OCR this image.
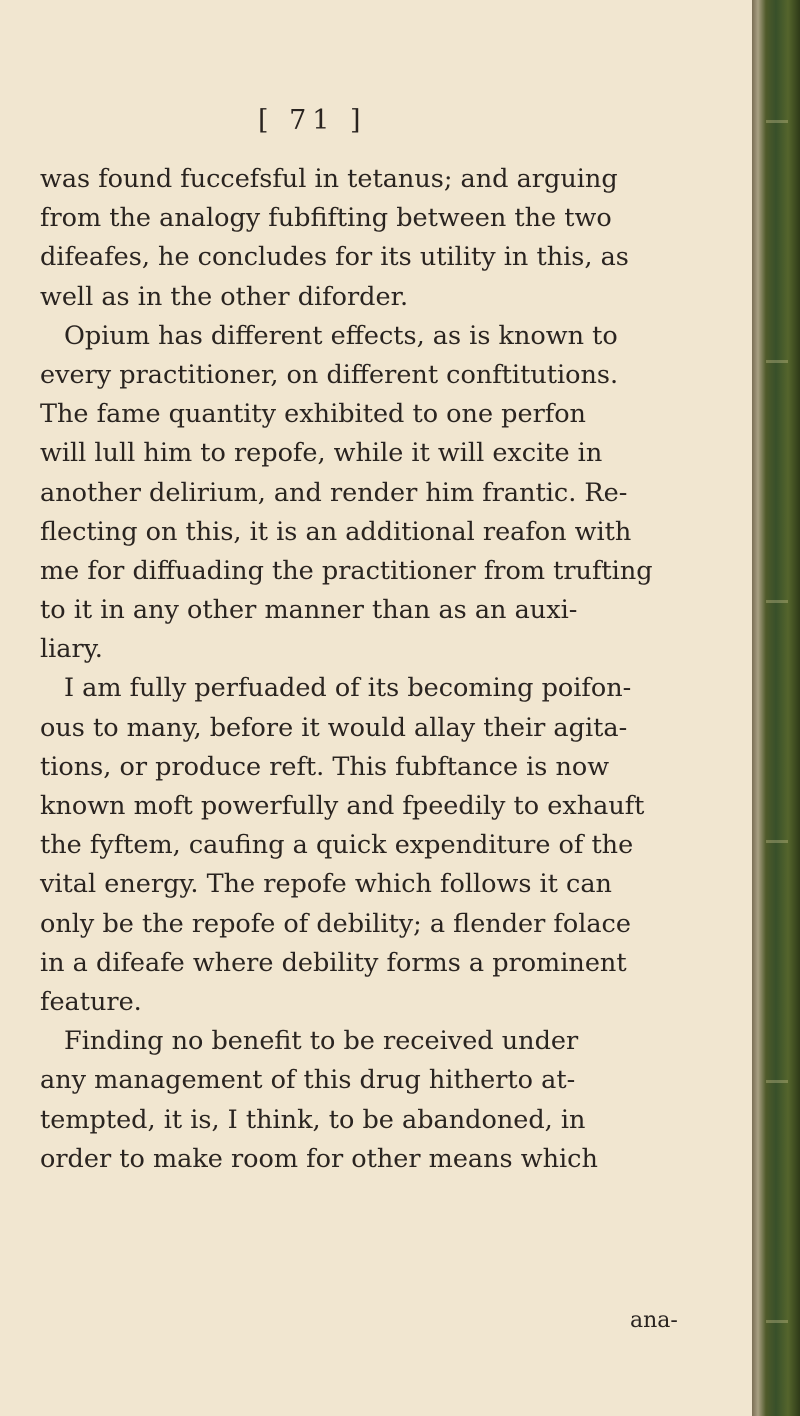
[ 71 ]
was found fuccefsful in tetanus; and arguing
from the analogy fubfifting between the two
difeafes, he concludes for its utility in this, as
well as in the other diforder.
Opium has different effects, as is known to
every practitioner, on different conftitutions.
The fame quantity exhibited to one perfon
will lull him to repofe, while it will excite in
another delirium, and render him frantic. Re-
flecting on this, it is an additional reafon with
me for diffuading the practitioner from trufting
to it in any other manner than as an auxi-
liary.
I am fully perfuaded of its becoming poifon-
ous to many, before it would allay their agita-
tions, or produce reft. This fubftance is now
known moft powerfully and fpeedily to exhauft
the fyftem, caufing a quick expenditure of the
vital energy. The repofe which follows it can
only be the repofe of debility; a flender folace
in a difeafe where debility forms a prominent
feature.
Finding no benefit to be received under
any management of this drug hitherto at-
tempted, it is, I think, to be abandoned, in
order to make room for other means which
ana-
